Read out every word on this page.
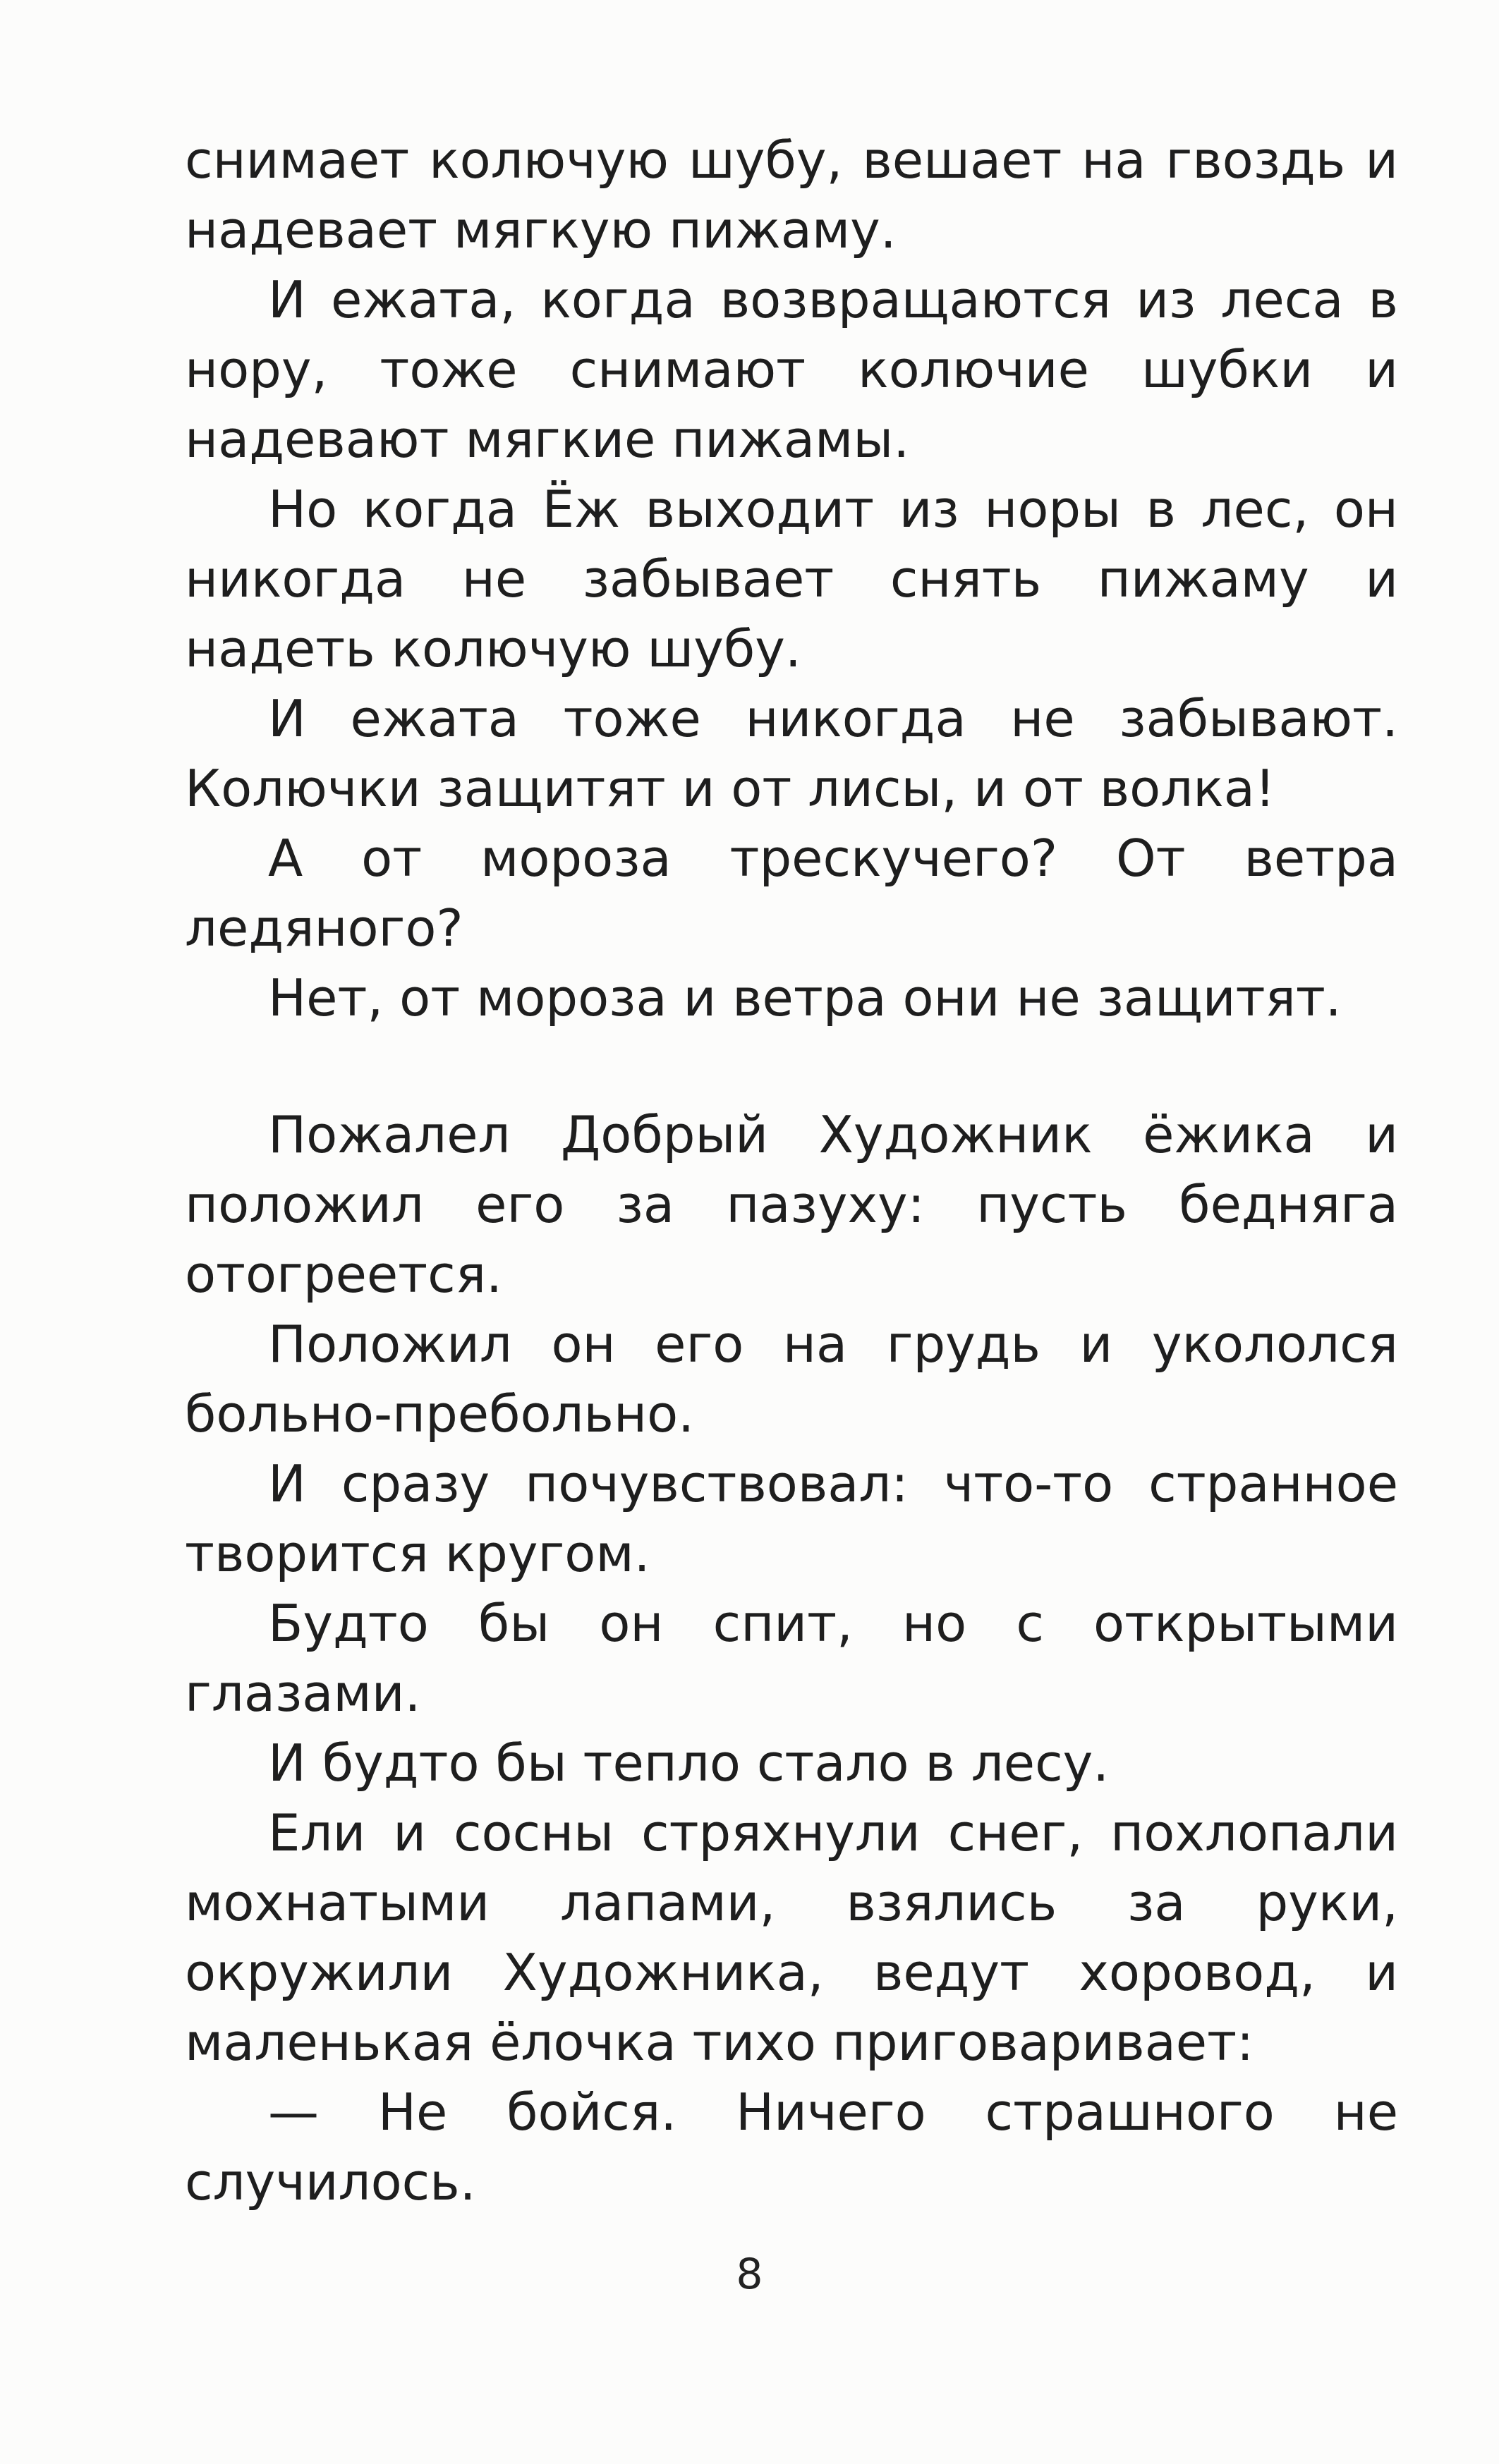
снимает колючую шубу, вешает на гвоздь и надевает мягкую пижаму.

И ежата, когда возвращаются из леса в нору, тоже снимают колючие шубки и надевают мягкие пижамы.

Но когда Ёж выходит из норы в лес, он никогда не забывает снять пижаму и надеть колючую шубу.

И ежата тоже никогда не забывают. Колючки защитят и от лисы, и от волка!

А от мороза трескучего? От ветра ледяного?

Нет, от мороза и ветра они не защитят.

Пожалел Добрый Художник ёжика и положил его за пазуху: пусть бедняга отогреется.

Положил он его на грудь и укололся больно-пребольно.

И сразу почувствовал: что-то странное творится кругом.

Будто бы он спит, но с открытыми глазами.

И будто бы тепло стало в лесу.

Ели и сосны стряхнули снег, похлопали мохнатыми лапами, взялись за руки, окружили Художника, ведут хоровод, и маленькая ёлочка тихо приговаривает:

— Не бойся. Ничего страшного не случилось.

8
